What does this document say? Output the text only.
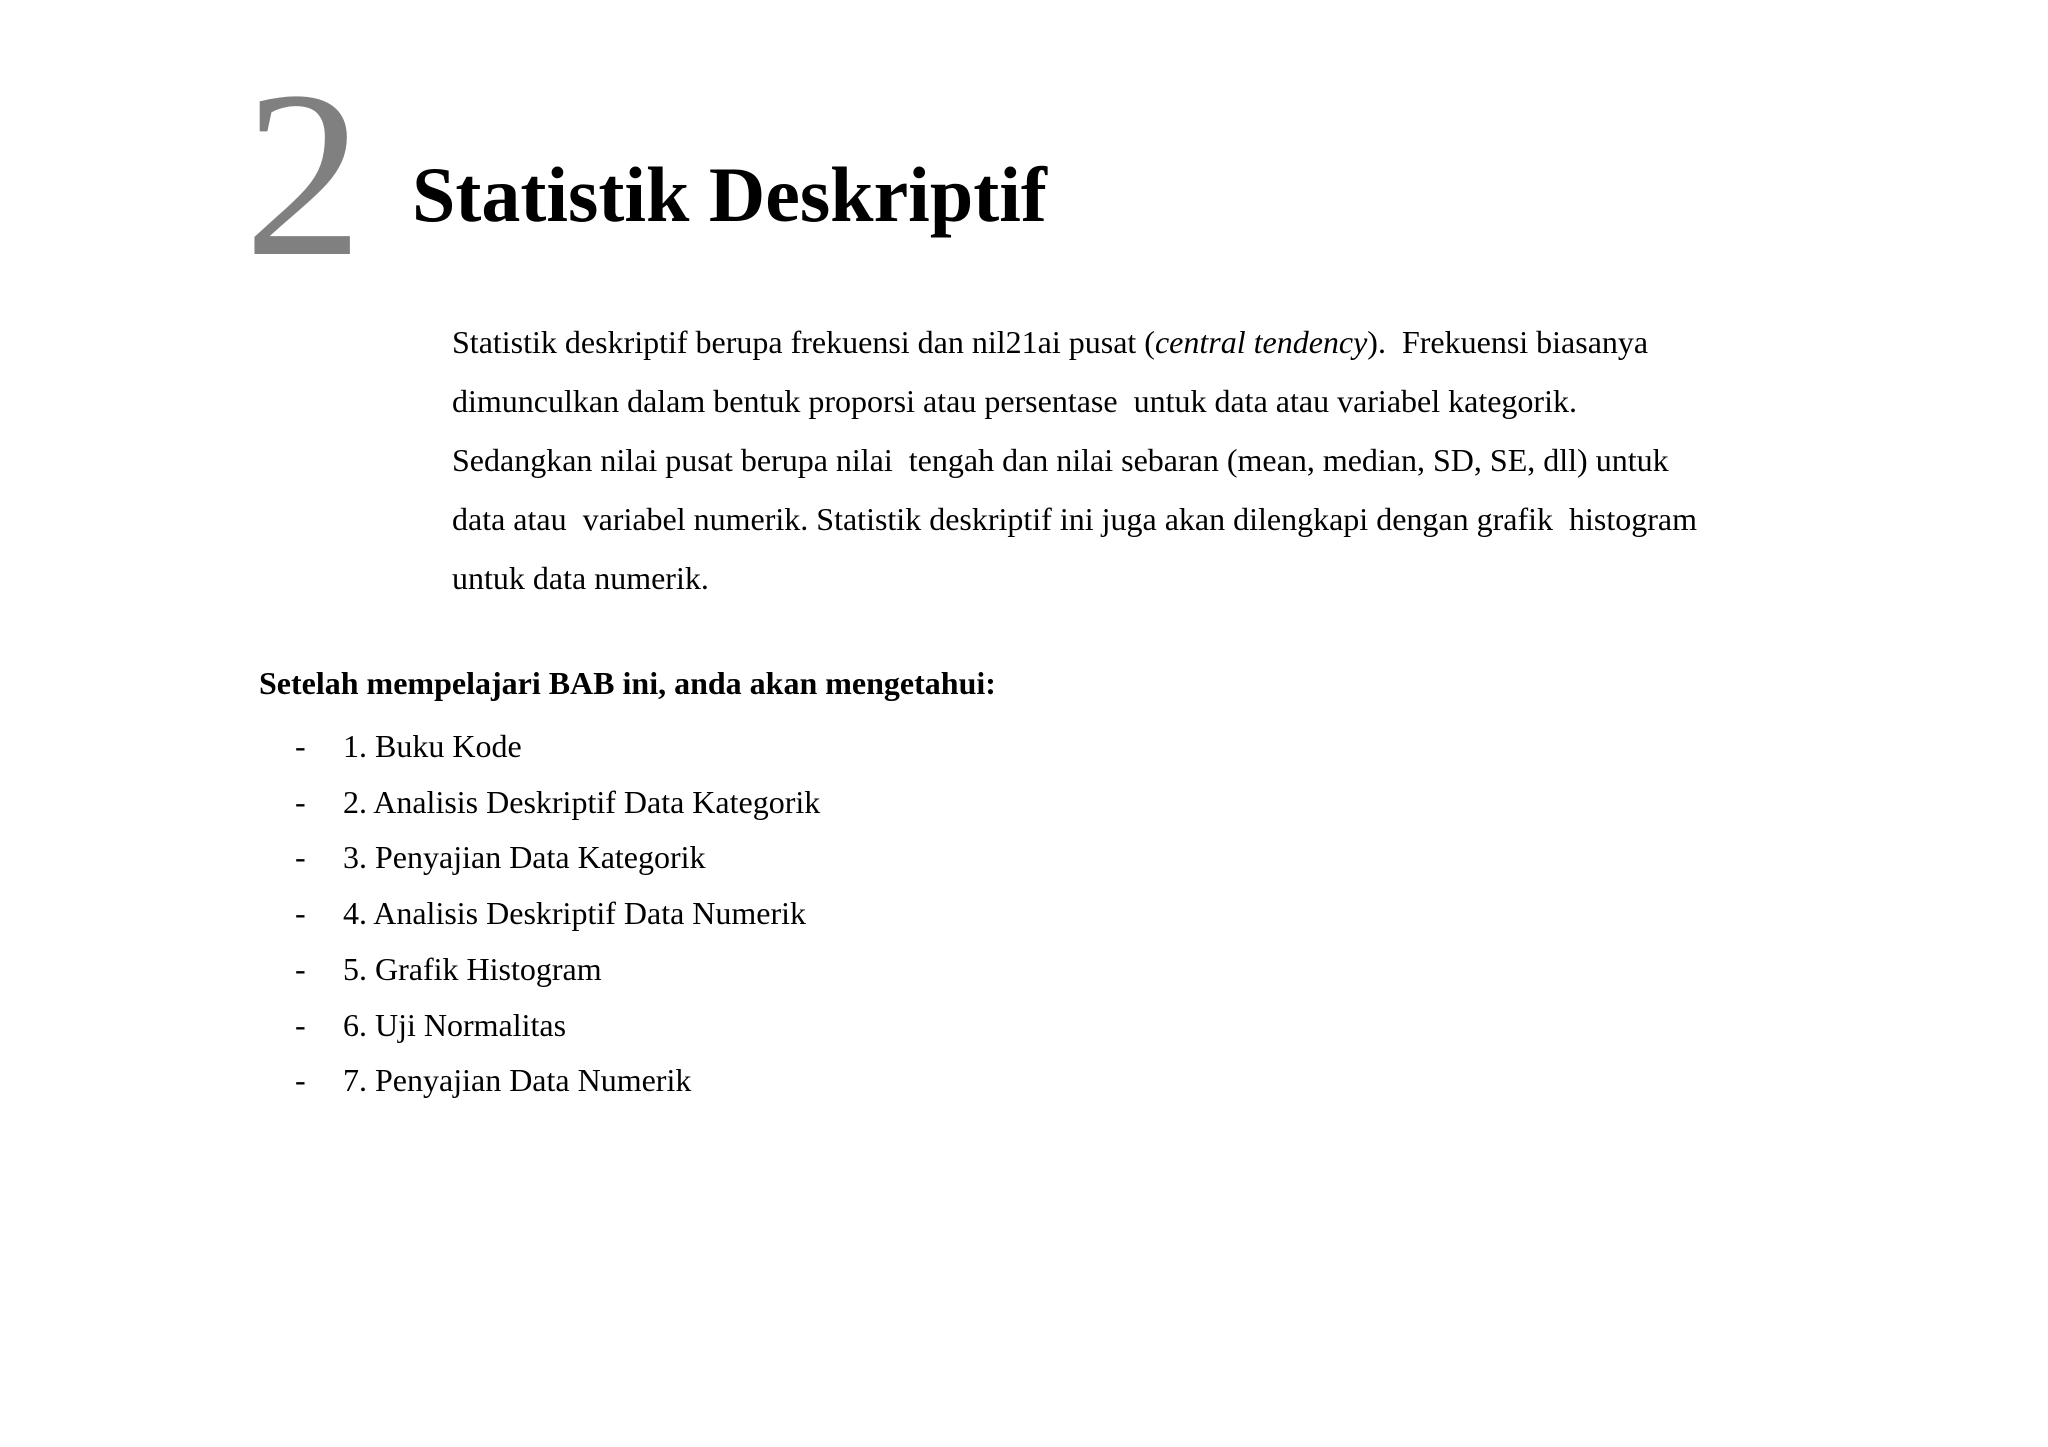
2 Statistik Deskriptif

Statistik deskriptif berupa frekuensi dan nil21ai pusat (central tendency).  Frekuensi biasanya
dimunculkan dalam bentuk proporsi atau persentase  untuk data atau variabel kategorik.
Sedangkan nilai pusat berupa nilai  tengah dan nilai sebaran (mean, median, SD, SE, dll) untuk
data atau  variabel numerik. Statistik deskriptif ini juga akan dilengkapi dengan grafik  histogram
untuk data numerik.

Setelah mempelajari BAB ini, anda akan mengetahui:

- 1. Buku Kode
- 2. Analisis Deskriptif Data Kategorik
- 3. Penyajian Data Kategorik
- 4. Analisis Deskriptif Data Numerik
- 5. Grafik Histogram
- 6. Uji Normalitas
- 7. Penyajian Data Numerik
